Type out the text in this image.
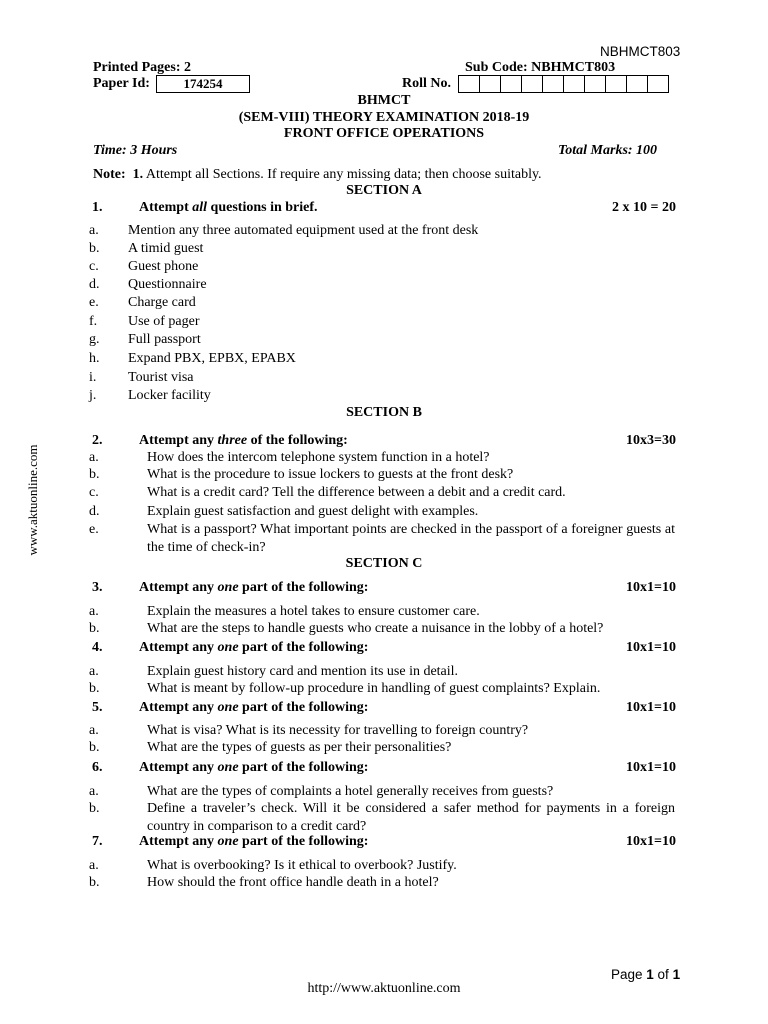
NBHMCT803
Printed Pages: 2	Sub Code: NBHMCT803
Paper Id:	174254	Roll No.
BHMCT
(SEM-VIII) THEORY EXAMINATION 2018-19
FRONT OFFICE OPERATIONS
Time: 3 Hours	Total Marks: 100
Note: 1. Attempt all Sections. If require any missing data; then choose suitably.
SECTION A
1.	Attempt all questions in brief.	2 x 10 = 20
a.	Mention any three automated equipment used at the front desk
b.	A timid guest
c.	Guest phone
d.	Questionnaire
e.	Charge card
f.	Use of pager
g.	Full passport
h.	Expand PBX, EPBX, EPABX
i.	Tourist visa
j.	Locker facility
SECTION B
2.	Attempt any three of the following:	10x3=30
a.	How does the intercom telephone system function in a hotel?
b.	What is the procedure to issue lockers to guests at the front desk?
c.	What is a credit card? Tell the difference between a debit and a credit card.
d.	Explain guest satisfaction and guest delight with examples.
e.	What is a passport? What important points are checked in the passport of a foreigner guests at the time of check-in?
SECTION C
3.	Attempt any one part of the following:	10x1=10
a.	Explain the measures a hotel takes to ensure customer care.
b.	What are the steps to handle guests who create a nuisance in the lobby of a hotel?
4.	Attempt any one part of the following:	10x1=10
a.	Explain guest history card and mention its use in detail.
b.	What is meant by follow-up procedure in handling of guest complaints? Explain.
5.	Attempt any one part of the following:	10x1=10
a.	What is visa? What is its necessity for travelling to foreign country?
b.	What are the types of guests as per their personalities?
6.	Attempt any one part of the following:	10x1=10
a.	What are the types of complaints a hotel generally receives from guests?
b.	Define a traveler’s check. Will it be considered a safer method for payments in a foreign country in comparison to a credit card?
7.	Attempt any one part of the following:	10x1=10
a.	What is overbooking? Is it ethical to overbook? Justify.
b.	How should the front office handle death in a hotel?
Page 1 of 1
http://www.aktuonline.com
www.aktuonline.com
